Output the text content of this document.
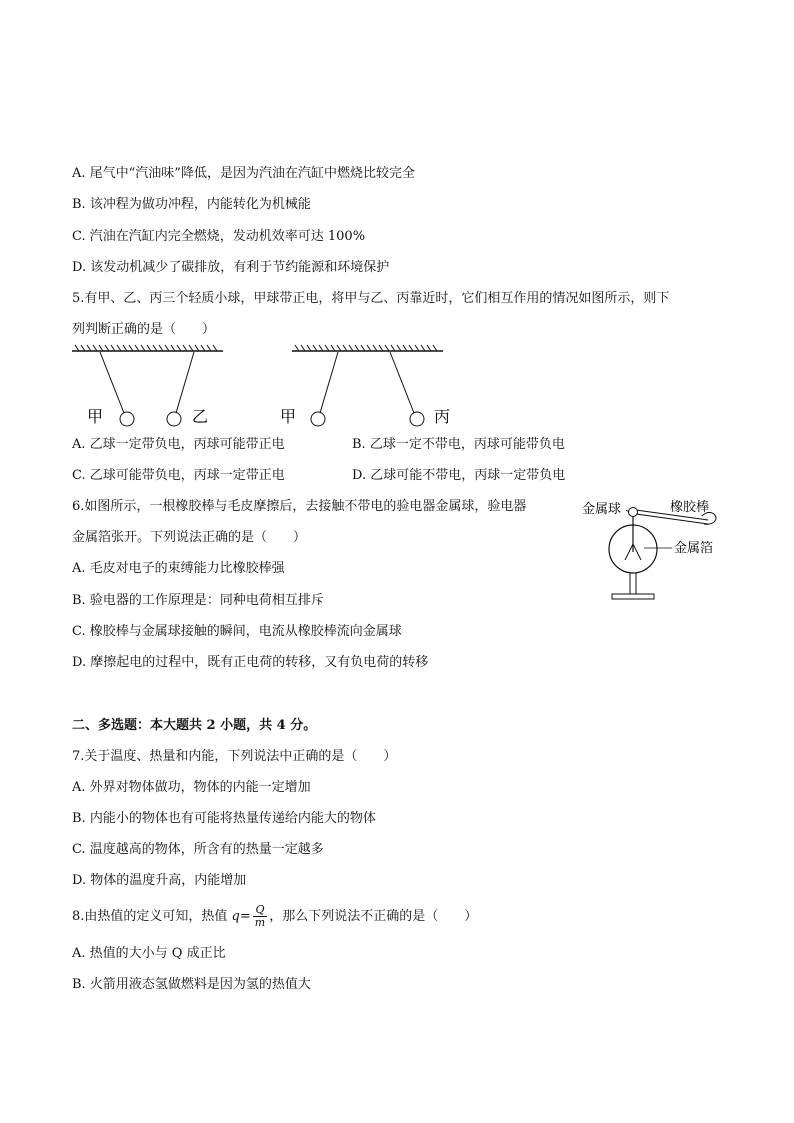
A. 尾气中“汽油味”降低，是因为汽油在汽缸中燃烧比较完全
B. 该冲程为做功冲程，内能转化为机械能
C. 汽油在汽缸内完全燃烧，发动机效率可达 100%
D. 该发动机减少了碳排放，有利于节约能源和环境保护
5.有甲、乙、丙三个轻质小球，甲球带正电，将甲与乙、丙靠近时，它们相互作用的情况如图所示，则下
列判断正确的是（　　）
甲	乙	甲	丙
A. 乙球一定带负电，丙球可能带正电	B. 乙球一定不带电，丙球可能带负电
C. 乙球可能带负电，丙球一定带正电	D. 乙球可能不带电，丙球一定带负电
6.如图所示，一根橡胶棒与毛皮摩擦后，去接触不带电的验电器金属球，验电器
金属箔张开。下列说法正确的是（　　）
金属球	橡胶棒
金属箔
A. 毛皮对电子的束缚能力比橡胶棒强
B. 验电器的工作原理是：同种电荷相互排斥
C. 橡胶棒与金属球接触的瞬间，电流从橡胶棒流向金属球
D. 摩擦起电的过程中，既有正电荷的转移，又有负电荷的转移
二、多选题：本大题共 2 小题，共 4 分。
7.关于温度、热量和内能，下列说法中正确的是（　　）
A. 外界对物体做功，物体的内能一定增加
B. 内能小的物体也有可能将热量传递给内能大的物体
C. 温度越高的物体，所含有的热量一定越多
D. 物体的温度升高，内能增加
8.由热值的定义可知，热值 $q= \frac{Q}{m}$ ，那么下列说法不正确的是（　　）
A. 热值的大小与 Q 成正比
B. 火箭用液态氢做燃料是因为氢的热值大
